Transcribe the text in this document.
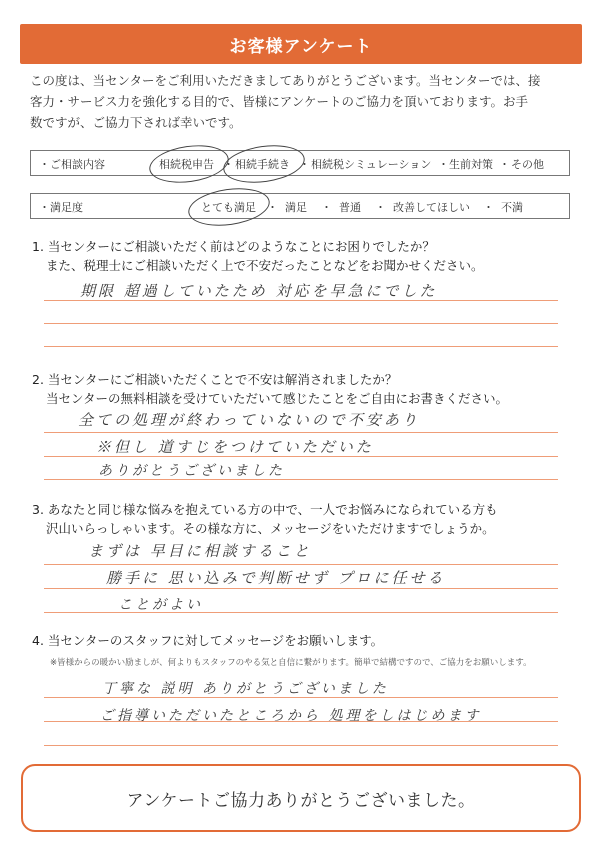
お客様アンケート
この度は、当センターをご利用いただきましてありがとうございます。当センターでは、接
客力・サービス力を強化する目的で、皆様にアンケートのご協力を頂いております。お手
数ですが、ご協力下されば幸いです。
・ご相談内容	相続税申告 ・ 相続手続き ・ 相続税シミュレーション ・ 生前対策 ・ その他
・満足度	とても満足 ・ 満足 ・ 普通 ・ 改善してほしい ・ 不満
1. 当センターにご相談いただく前はどのようなことにお困りでしたか？
また、税理士にご相談いただく上で不安だったことなどをお聞かせください。
期限 超過していたため 対応を早急にでした
2. 当センターにご相談いただくことで不安は解消されましたか？
当センターの無料相談を受けていただいて感じたことをご自由にお書きください。
全ての処理が終わっていないので不安あり
※但し 道すじをつけていただいた
ありがとうございました
3. あなたと同じ様な悩みを抱えている方の中で、一人でお悩みになられている方も
沢山いらっしゃいます。その様な方に、メッセージをいただけますでしょうか。
まずは 早目に相談すること
勝手に 思い込みで判断せず プロに任せる
ことがよい
4. 当センターのスタッフに対してメッセージをお願いします。
※皆様からの暖かい励ましが、何よりもスタッフのやる気と自信に繋がります。簡単で結構ですので、ご協力をお願いします。
丁寧な 説明 ありがとうございました
ご指導いただいたところから 処理をしはじめます
アンケートご協力ありがとうございました。
